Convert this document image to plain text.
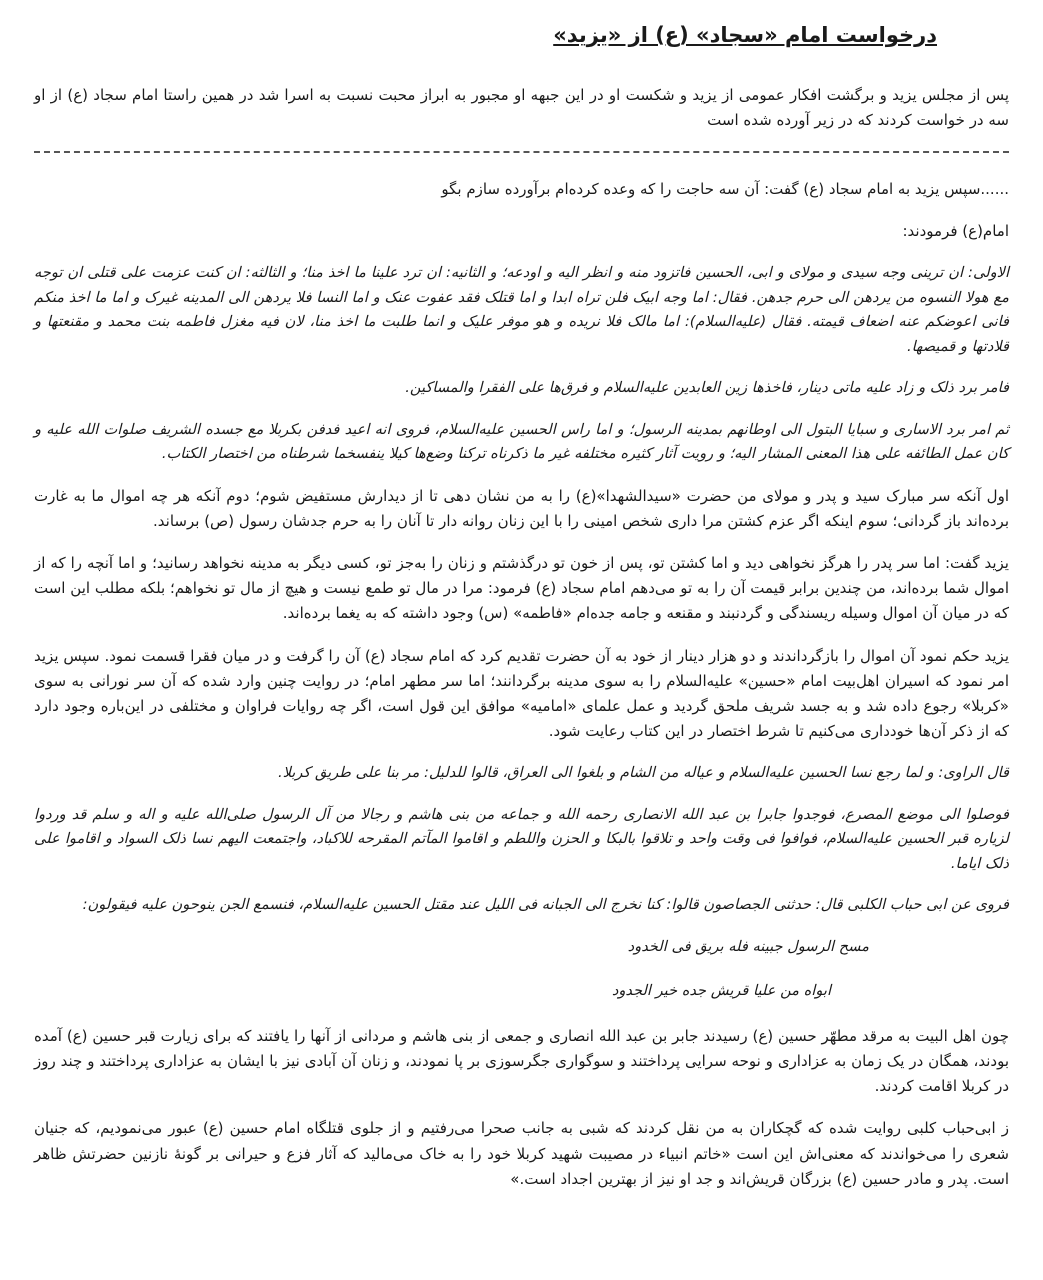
درخواست امام «سجاد» (ع) از «یزید»

پس از مجلس یزید و برگشت افکار عمومی از یزید و شکست او در این جبهه او مجبور به ابراز محبت نسبت به اسرا شد در همین راستا امام سجاد (ع) از او سه در خواست کردند که در زیر آورده شده است

......سپس یزید به امام سجاد (ع) گفت: آن سه حاجت را که وعده کرده‌ام برآورده سازم بگو

امام(ع) فرمودند:

الاولی: ان ترینی وجه سیدی و مولای و ابی، الحسین فاتزود منه و انظر الیه و اودعه؛ و الثانیه: ان ترد علینا ما اخذ منا؛ و الثالثه: ان کنت عزمت علی قتلی ان توجه مع هولا النسوه من یردهن الی حرم جدهن. فقال: اما وجه ابیک فلن تراه ابدا و اما قتلک فقد عفوت عنک و اما النسا فلا یردهن الی المدینه غیرک و اما ما اخذ منکم فانی اعوضکم عنه اضعاف قیمته. فقال (علیه‌السلام): اما مالک فلا نریده و هو موفر علیک و انما طلبت ما اخذ منا، لان فیه مغزل فاطمه بنت محمد و مقنعتها و قلادتها و قمیصها.

فامر برد ذلک و زاد علیه ماتی دینار، فاخذها زین العابدین علیه‌السلام و فرق‌ها علی الفقرا والمساکین.

ثم امر برد الاساری و سبایا البتول الی اوطانهم بمدینه الرسول؛ و اما راس الحسین علیه‌السلام، فروی انه اعید فدفن بکربلا مع جسده الشریف صلوات الله علیه و کان عمل الطائفه علی هذا المعنی المشار الیه؛ و رویت آثار کثیره مختلفه غیر ما ذکرناه ترکنا وضع‌ها کیلا ینفسخما شرطناه من اختصار الکتاب.

اول آنکه سر مبارک سید و پدر و مولای من حضرت «سیدالشهدا»(ع) را به من نشان دهی تا از دیدارش مستفیض شوم؛ دوم آنکه هر چه اموال ما به غارت برده‌اند باز گردانی؛ سوم اینکه اگر عزم کشتن مرا داری شخص امینی را با این زنان روانه دار تا آنان را به حرم جدشان رسول (ص) برساند.

یزید گفت: اما سر پدر را هرگز نخواهی دید و اما کشتن تو، پس از خون تو درگذشتم و زنان را به‌جز تو، کسی دیگر به مدینه نخواهد رسانید؛ و اما آنچه را که از اموال شما برده‌اند، من چندین برابر قیمت آن را به تو می‌دهم امام سجاد (ع) فرمود: مرا در مال تو طمع نیست و هیچ از مال تو نخواهم؛ بلکه مطلب این است که در میان آن اموال وسیله ریسندگی و گردنبند و مقنعه و جامه جده‌ام «فاطمه» (س) وجود داشته که به یغما برده‌اند.

یزید حکم نمود آن اموال را بازگرداندند و دو هزار دینار از خود به آن حضرت تقدیم کرد که امام سجاد (ع) آن را گرفت و در میان فقرا قسمت نمود. سپس یزید امر نمود که اسیران اهل‌بیت امام «حسین» علیه‌السلام را به سوی مدینه برگردانند؛ اما سر مطهر امام؛ در روایت چنین وارد شده که آن سر نورانی به سوی «کربلا» رجوع داده شد و به جسد شریف ملحق گردید و عمل علمای «امامیه» موافق این قول است، اگر چه روایات فراوان و مختلفی در این‌باره وجود دارد که از ذکر آن‌ها خودداری می‌کنیم تا شرط اختصار در این کتاب رعایت شود.

قال الراوی: و لما رجع نسا الحسین علیه‌السلام و عیاله من الشام و بلغوا الی العراق، قالوا للدلیل: مر بنا علی طریق کربلا.

فوصلوا الی موضع المصرع، فوجدوا جابرا بن عبد الله الانصاری رحمه الله و جماعه من بنی هاشم و رجالا من آل الرسول صلی‌الله علیه و اله و سلم قد وردوا لزیاره قبر الحسین علیه‌السلام، فوافوا فی وقت واحد و تلاقوا بالبکا و الحزن واللطم و اقاموا المآتم المقرحه للاکباد، واجتمعت الیهم نسا ذلک السواد و اقاموا علی ذلک ایاما.

فروی عن ابی حباب الکلبی قال: حدثنی الجصاصون قالوا: کنا نخرج الی الجبانه فی اللیل عند مقتل الحسین علیه‌السلام، فنسمع الجن ینوحون علیه فیقولون:

مسح الرسول جبینه فله بریق فی الخدود

ابواه من علیا قریش جده خیر الجدود

چون اهل البیت به مرقد مطهّر حسین (ع) رسیدند جابر بن عبد الله انصاری و جمعی از بنی هاشم و مردانی از آنها را یافتند که برای زیارت قبر حسین (ع) آمده بودند، همگان در یک زمان به عزاداری و نوحه سرایی پرداختند و سوگواری جگرسوزی بر پا نمودند، و زنان آن آبادی نیز با ایشان به عزاداری پرداختند و چند روز در کربلا اقامت کردند.

ز ابی‌حباب کلبی روایت شده که گچکاران به من نقل کردند که شبی به جانب صحرا می‌رفتیم و از جلوی قتلگاه امام حسین (ع) عبور می‌نمودیم، که جنیان شعری را می‌خواندند که معنی‌اش این است «خاتم انبیاء در مصیبت شهید کربلا خود را به خاک می‌مالید که آثار فزع و حیرانی بر گونهٔ نازنین حضرتش ظاهر است. پدر و مادر حسین (ع) بزرگان قریش‌اند و جد او نیز از بهترین اجداد است.»
